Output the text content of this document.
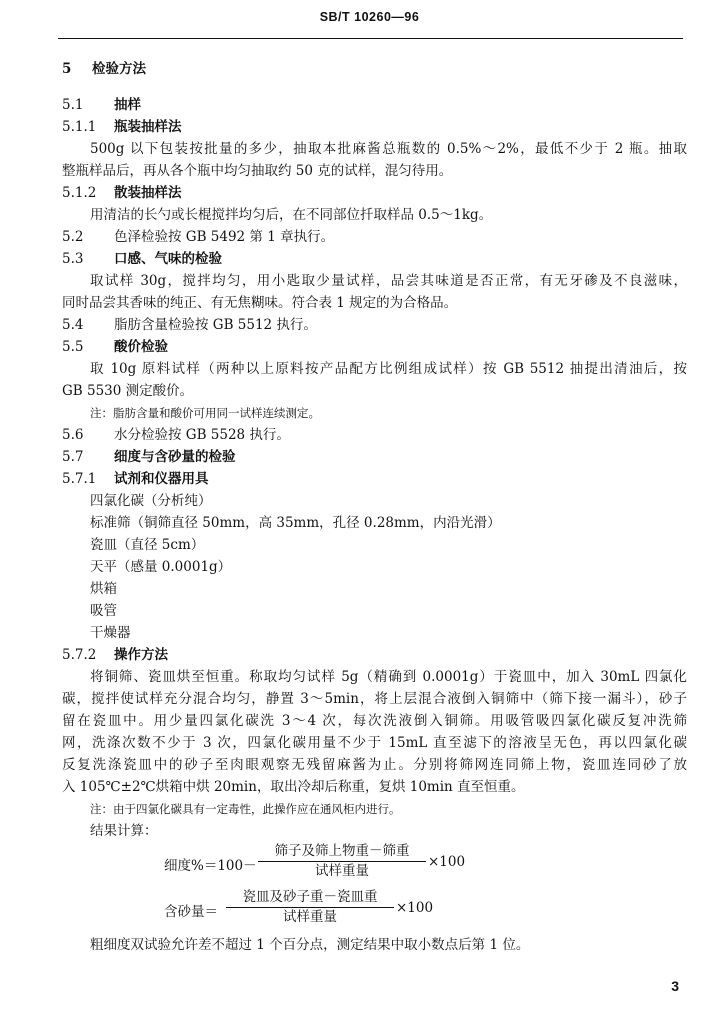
SB/T 10260—96
5 检验方法
5.1 抽样
5.1.1 瓶装抽样法
500g 以下包装按批量的多少，抽取本批麻酱总瓶数的 0.5%～2%，最低不少于 2 瓶。抽取
整瓶样品后，再从各个瓶中均匀抽取约 50 克的试样，混匀待用。
5.1.2 散装抽样法
用清洁的长勺或长棍搅拌均匀后，在不同部位扦取样品 0.5～1kg。
5.2 色泽检验按 GB 5492 第 1 章执行。
5.3 口感、气味的检验
取试样 30g，搅拌均匀，用小匙取少量试样，品尝其味道是否正常，有无牙碜及不良滋味，
同时品尝其香味的纯正、有无焦糊味。符合表 1 规定的为合格品。
5.4 脂肪含量检验按 GB 5512 执行。
5.5 酸价检验
取 10g 原料试样（两种以上原料按产品配方比例组成试样）按 GB 5512 抽提出清油后，按
GB 5530 测定酸价。
注：脂肪含量和酸价可用同一试样连续测定。
5.6 水分检验按 GB 5528 执行。
5.7 细度与含砂量的检验
5.7.1 试剂和仪器用具
四氯化碳（分析纯）
标准筛（铜筛直径 50mm，高 35mm，孔径 0.28mm，内沿光滑）
瓷皿（直径 5cm）
天平（感量 0.0001g）
烘箱
吸管
干燥器
5.7.2 操作方法
将铜筛、瓷皿烘至恒重。称取均匀试样 5g（精确到 0.0001g）于瓷皿中，加入 30mL 四氯化
碳，搅拌使试样充分混合均匀，静置 3～5min，将上层混合液倒入铜筛中（筛下接一漏斗），砂子
留在瓷皿中。用少量四氯化碳洗 3～4 次，每次洗液倒入铜筛。用吸管吸四氯化碳反复冲洗筛
网，洗涤次数不少于 3 次，四氯化碳用量不少于 15mL 直至滤下的溶液呈无色，再以四氯化碳
反复洗涤瓷皿中的砂子至肉眼观察无残留麻酱为止。分别将筛网连同筛上物，瓷皿连同砂了放
入 105℃±2℃烘箱中烘 20min，取出冷却后称重，复烘 10min 直至恒重。
注：由于四氯化碳具有一定毒性，此操作应在通风柜内进行。
结果计算：
细度%＝100－
筛子及筛上物重－筛重
试样重量
×100
含砂量＝
瓷皿及砂子重－瓷皿重
试样重量
×100
粗细度双试验允许差不超过 1 个百分点，测定结果中取小数点后第 1 位。
3
